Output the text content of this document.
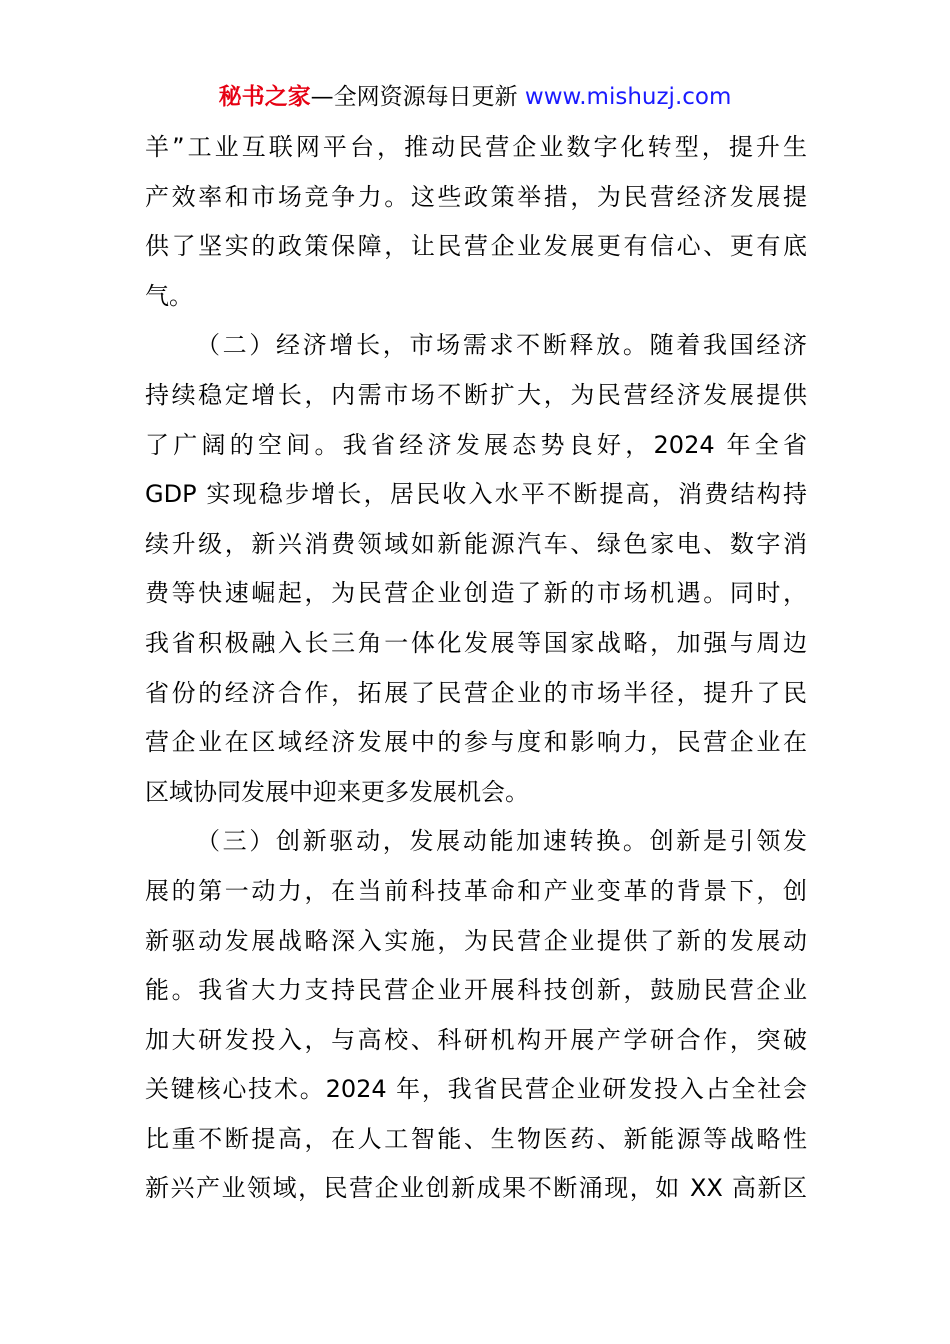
秘书之家—全网资源每日更新 www.mishuzj.com
羊”工业互联网平台，推动民营企业数字化转型，提升生
产效率和市场竞争力。这些政策举措，为民营经济发展提
供了坚实的政策保障，让民营企业发展更有信心、更有底
气。
（二）经济增长，市场需求不断释放。随着我国经济
持续稳定增长，内需市场不断扩大，为民营经济发展提供
了广阔的空间。我省经济发展态势良好，2024 年全省
GDP 实现稳步增长，居民收入水平不断提高，消费结构持
续升级，新兴消费领域如新能源汽车、绿色家电、数字消
费等快速崛起，为民营企业创造了新的市场机遇。同时，
我省积极融入长三角一体化发展等国家战略，加强与周边
省份的经济合作，拓展了民营企业的市场半径，提升了民
营企业在区域经济发展中的参与度和影响力，民营企业在
区域协同发展中迎来更多发展机会。
（三）创新驱动，发展动能加速转换。创新是引领发
展的第一动力，在当前科技革命和产业变革的背景下，创
新驱动发展战略深入实施，为民营企业提供了新的发展动
能。我省大力支持民营企业开展科技创新，鼓励民营企业
加大研发投入，与高校、科研机构开展产学研合作，突破
关键核心技术。2024 年，我省民营企业研发投入占全社会
比重不断提高，在人工智能、生物医药、新能源等战略性
新兴产业领域，民营企业创新成果不断涌现，如 XX 高新区
